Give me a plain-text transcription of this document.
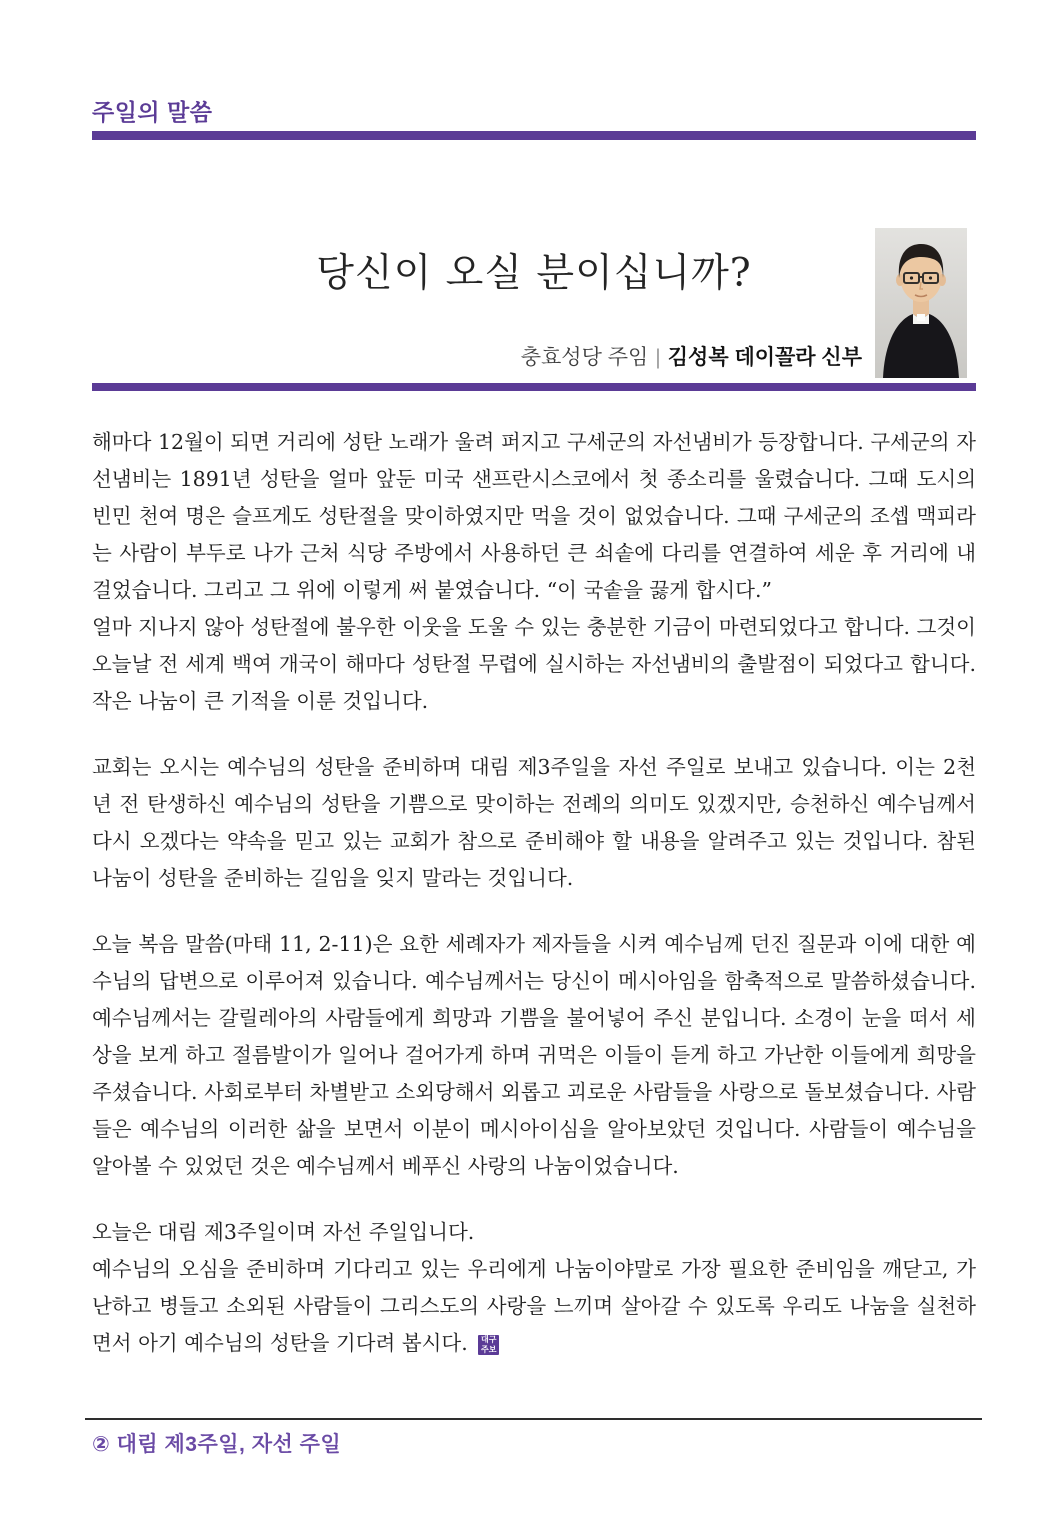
주일의 말씀
당신이 오실 분이십니까?
충효성당 주임 | 김성복 데이꼴라 신부

해마다 12월이 되면 거리에 성탄 노래가 울려 퍼지고 구세군의 자선냄비가 등장합니다. 구세군의 자선냄비는 1891년 성탄을 얼마 앞둔 미국 샌프란시스코에서 첫 종소리를 울렸습니다. 그때 도시의 빈민 천여 명은 슬프게도 성탄절을 맞이하였지만 먹을 것이 없었습니다. 그때 구세군의 조셉 맥피라는 사람이 부두로 나가 근처 식당 주방에서 사용하던 큰 쇠솥에 다리를 연결하여 세운 후 거리에 내걸었습니다. 그리고 그 위에 이렇게 써 붙였습니다. “이 국솥을 끓게 합시다.”
얼마 지나지 않아 성탄절에 불우한 이웃을 도울 수 있는 충분한 기금이 마련되었다고 합니다. 그것이 오늘날 전 세계 백여 개국이 해마다 성탄절 무렵에 실시하는 자선냄비의 출발점이 되었다고 합니다. 작은 나눔이 큰 기적을 이룬 것입니다.

교회는 오시는 예수님의 성탄을 준비하며 대림 제3주일을 자선 주일로 보내고 있습니다. 이는 2천 년 전 탄생하신 예수님의 성탄을 기쁨으로 맞이하는 전례의 의미도 있겠지만, 승천하신 예수님께서 다시 오겠다는 약속을 믿고 있는 교회가 참으로 준비해야 할 내용을 알려주고 있는 것입니다. 참된 나눔이 성탄을 준비하는 길임을 잊지 말라는 것입니다.

오늘 복음 말씀(마태 11, 2-11)은 요한 세례자가 제자들을 시켜 예수님께 던진 질문과 이에 대한 예수님의 답변으로 이루어져 있습니다. 예수님께서는 당신이 메시아임을 함축적으로 말씀하셨습니다. 예수님께서는 갈릴레아의 사람들에게 희망과 기쁨을 불어넣어 주신 분입니다. 소경이 눈을 떠서 세상을 보게 하고 절름발이가 일어나 걸어가게 하며 귀먹은 이들이 듣게 하고 가난한 이들에게 희망을 주셨습니다. 사회로부터 차별받고 소외당해서 외롭고 괴로운 사람들을 사랑으로 돌보셨습니다. 사람들은 예수님의 이러한 삶을 보면서 이분이 메시아이심을 알아보았던 것입니다. 사람들이 예수님을 알아볼 수 있었던 것은 예수님께서 베푸신 사랑의 나눔이었습니다.

오늘은 대림 제3주일이며 자선 주일입니다.
예수님의 오심을 준비하며 기다리고 있는 우리에게 나눔이야말로 가장 필요한 준비임을 깨닫고, 가난하고 병들고 소외된 사람들이 그리스도의 사랑을 느끼며 살아갈 수 있도록 우리도 나눔을 실천하면서 아기 예수님의 성탄을 기다려 봅시다.	대구
주보

② 대림 제3주일, 자선 주일
